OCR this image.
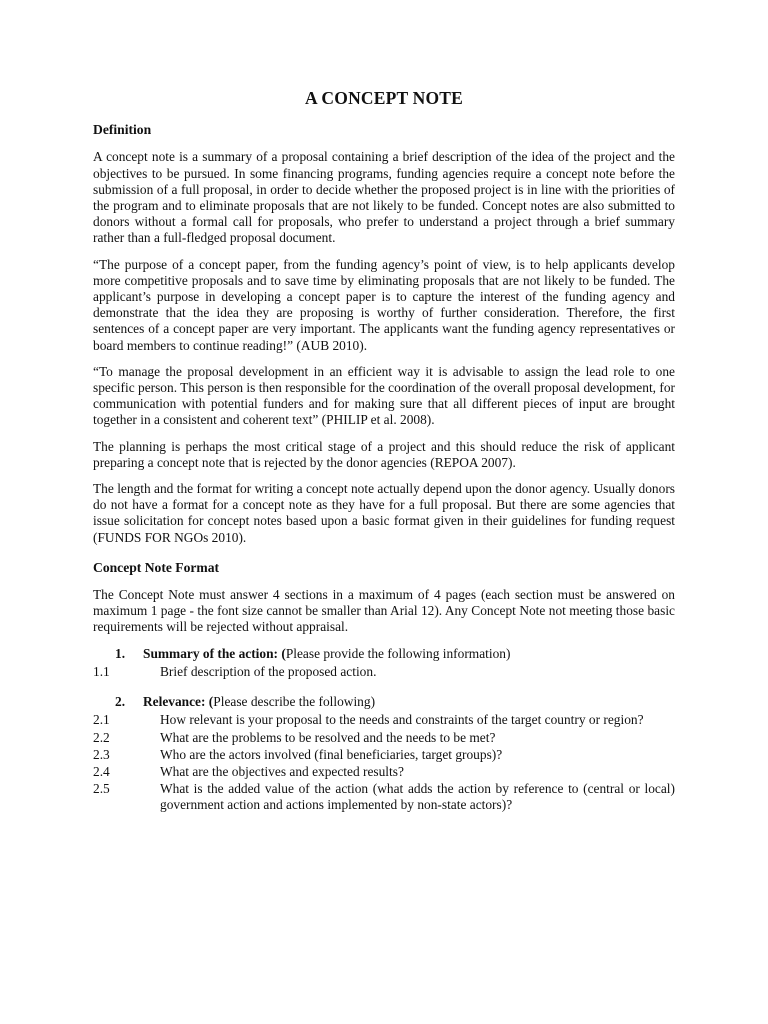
A CONCEPT NOTE
Definition

A concept note is a summary of a proposal containing a brief description of the idea of the project and the objectives to be pursued. In some financing programs, funding agencies require a concept note before the submission of a full proposal, in order to decide whether the proposed project is in line with the priorities of the program and to eliminate proposals that are not likely to be funded. Concept notes are also submitted to donors without a formal call for proposals, who prefer to understand a project through a brief summary rather than a full-fledged proposal document.

“The purpose of a concept paper, from the funding agency’s point of view, is to help applicants develop more competitive proposals and to save time by eliminating proposals that are not likely to be funded. The applicant’s purpose in developing a concept paper is to capture the interest of the funding agency and demonstrate that the idea they are proposing is worthy of further consideration. Therefore, the first sentences of a concept paper are very important. The applicants want the funding agency representatives or board members to continue reading!” (AUB 2010).

“To manage the proposal development in an efficient way it is advisable to assign the lead role to one specific person. This person is then responsible for the coordination of the overall proposal development, for communication with potential funders and for making sure that all different pieces of input are brought together in a consistent and coherent text” (PHILIP et al. 2008).

The planning is perhaps the most critical stage of a project and this should reduce the risk of applicant preparing a concept note that is rejected by the donor agencies (REPOA 2007).

The length and the format for writing a concept note actually depend upon the donor agency. Usually donors do not have a format for a concept note as they have for a full proposal. But there are some agencies that issue solicitation for concept notes based upon a basic format given in their guidelines for funding request (FUNDS FOR NGOs 2010).

Concept Note Format

The Concept Note must answer 4 sections in a maximum of 4 pages (each section must be answered on maximum 1 page - the font size cannot be smaller than Arial 12). Any Concept Note not meeting those basic requirements will be rejected without appraisal.

1.	Summary of the action: (Please provide the following information)
1.1	Brief description of the proposed action.
2.	Relevance: (Please describe the following)
2.1	How relevant is your proposal to the needs and constraints of the target country or region?
2.2	What are the problems to be resolved and the needs to be met?
2.3	Who are the actors involved (final beneficiaries, target groups)?
2.4	What are the objectives and expected results?
2.5	What is the added value of the action (what adds the action by reference to (central or local) government action and actions implemented by non-state actors)?
